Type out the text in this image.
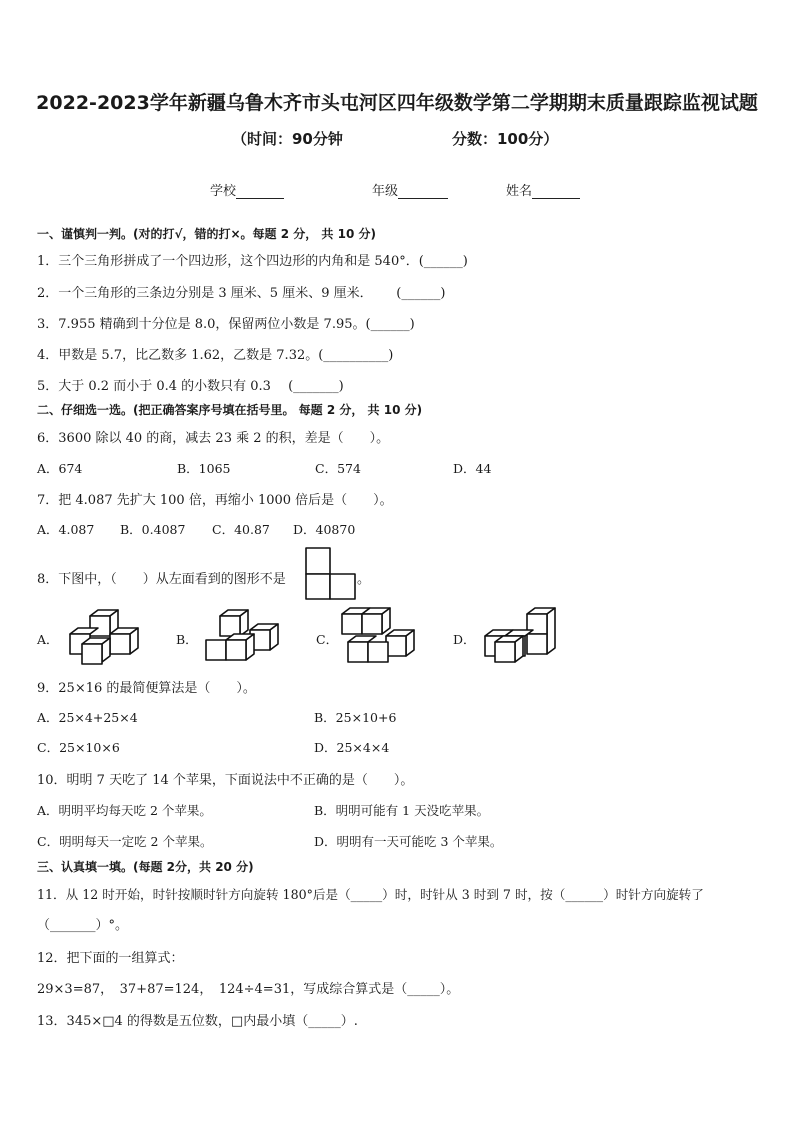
2022-2023学年新疆乌鲁木齐市头屯河区四年级数学第二学期期末质量跟踪监视试题
（时间：90分钟	分数：100分）
学校	年级	姓名
一、谨慎判一判。(对的打√，错的打×。每题 2 分， 共 10 分)
1．三个三角形拼成了一个四边形，这个四边形的内角和是 540°．(______)
2．一个三角形的三条边分别是 3 厘米、5 厘米、9 厘米．　　 (______)
3．7.955 精确到十分位是 8.0，保留两位小数是 7.95。(______)
4．甲数是 5.7，比乙数多 1.62，乙数是 7.32。(__________)
5．大于 0.2 而小于 0.4 的小数只有 0.3 　(_______)
二、仔细选一选。(把正确答案序号填在括号里。 每题 2 分， 共 10 分)
6．3600 除以 40 的商，减去 23 乘 2 的积，差是（　　）。
A．674	B．1065	C．574	D．44
7．把 4.087 先扩大 100 倍，再缩小 1000 倍后是（　　）。
A．4.087 B．0.4087 C．40.87 D．40870
8．下图中，（　　）从左面看到的图形不是	。
A．	B．	C．	D．
9．25×16 的最简便算法是（　　）。
A．25×4+25×4	B．25×10+6
C．25×10×6	D．25×4×4
10．明明 7 天吃了 14 个苹果，下面说法中不正确的是（　　）。
A．明明平均每天吃 2 个苹果。	B．明明可能有 1 天没吃苹果。
C．明明每天一定吃 2 个苹果。	D．明明有一天可能吃 3 个苹果。
三、认真填一填。(每题 2分，共 20 分)
11．从 12 时开始，时针按顺时针方向旋转 180°后是（_____）时，时针从 3 时到 7 时，按（______）时针方向旋转了
（_______）°。
12．把下面的一组算式：
29×3=87，　37+87=124，　124÷4=31，写成综合算式是（_____）。
13．345×□4 的得数是五位数，□内最小填（_____）.
